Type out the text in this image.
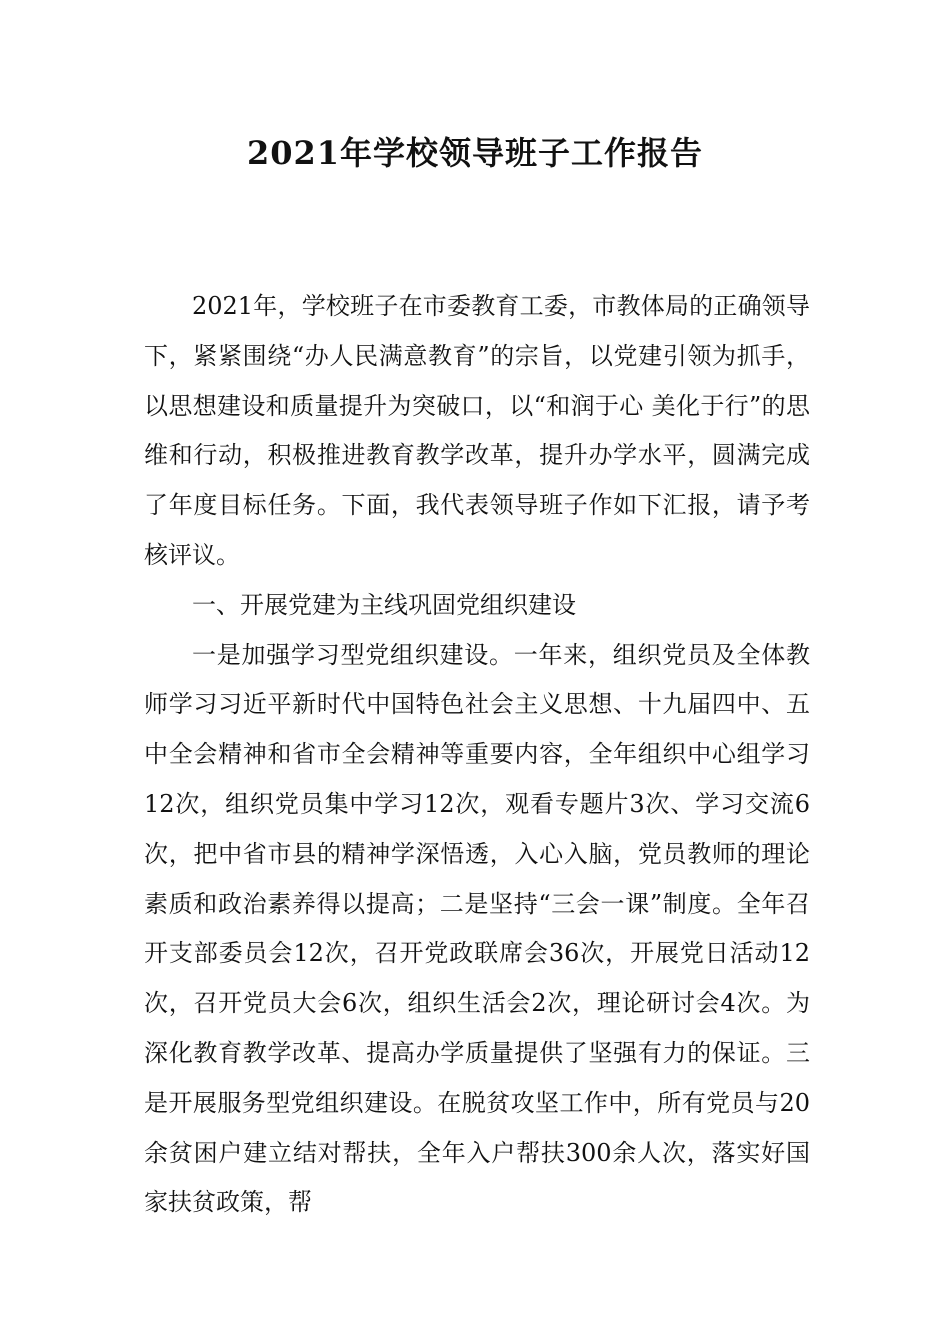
2021年学校领导班子工作报告

2021年，学校班子在市委教育工委，市教体局的正确领导下，紧紧围绕“办人民满意教育”的宗旨，以党建引领为抓手，以思想建设和质量提升为突破口，以“和润于心 美化于行”的思维和行动，积极推进教育教学改革，提升办学水平，圆满完成了年度目标任务。下面，我代表领导班子作如下汇报，请予考核评议。

一、开展党建为主线巩固党组织建设

一是加强学习型党组织建设。一年来，组织党员及全体教师学习习近平新时代中国特色社会主义思想、十九届四中、五中全会精神和省市全会精神等重要内容，全年组织中心组学习12次，组织党员集中学习12次，观看专题片3次、学习交流6次，把中省市县的精神学深悟透，入心入脑，党员教师的理论素质和政治素养得以提高；二是坚持“三会一课”制度。全年召开支部委员会12次，召开党政联席会36次，开展党日活动12次，召开党员大会6次，组织生活会2次，理论研讨会4次。为深化教育教学改革、提高办学质量提供了坚强有力的保证。三是开展服务型党组织建设。在脱贫攻坚工作中，所有党员与20余贫困户建立结对帮扶，全年入户帮扶300余人次，落实好国家扶贫政策，帮
